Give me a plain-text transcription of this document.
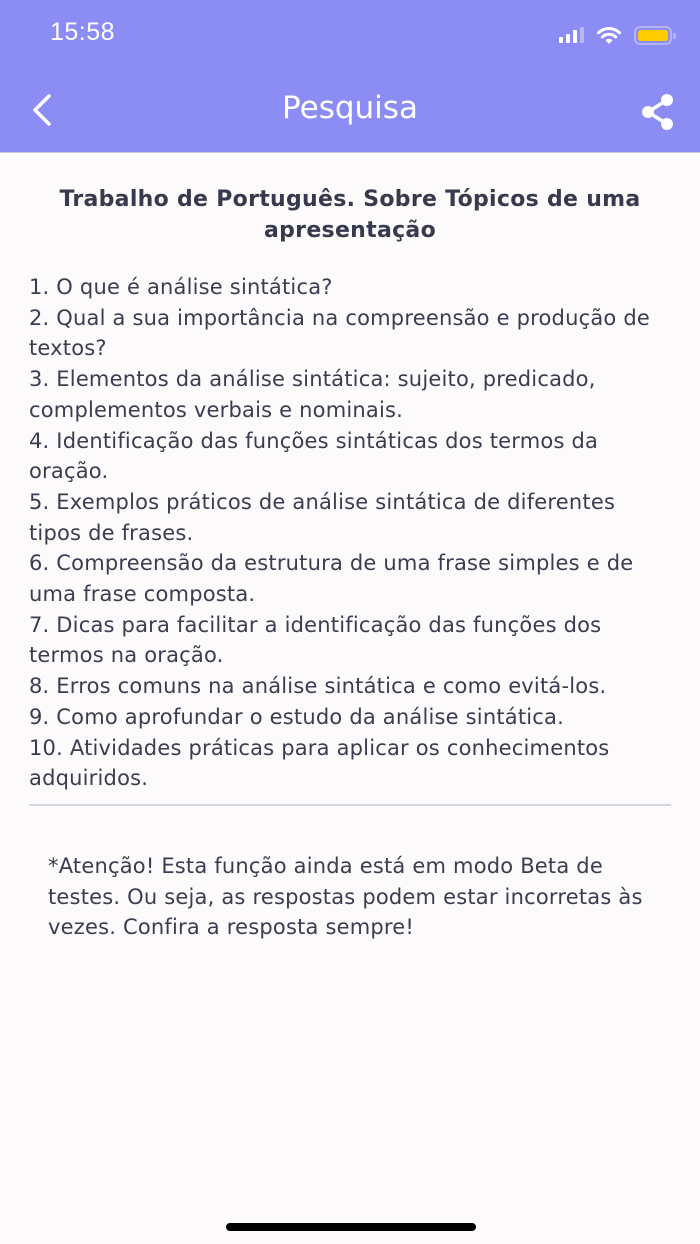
15:58
Pesquisa
Trabalho de Português. Sobre Tópicos de uma apresentação
1. O que é análise sintática?
2. Qual a sua importância na compreensão e produção de textos?
3. Elementos da análise sintática: sujeito, predicado, complementos verbais e nominais.
4. Identificação das funções sintáticas dos termos da oração.
5. Exemplos práticos de análise sintática de diferentes tipos de frases.
6. Compreensão da estrutura de uma frase simples e de uma frase composta.
7. Dicas para facilitar a identificação das funções dos termos na oração.
8. Erros comuns na análise sintática e como evitá-los.
9. Como aprofundar o estudo da análise sintática.
10. Atividades práticas para aplicar os conhecimentos adquiridos.

*Atenção! Esta função ainda está em modo Beta de testes. Ou seja, as respostas podem estar incorretas às vezes. Confira a resposta sempre!
